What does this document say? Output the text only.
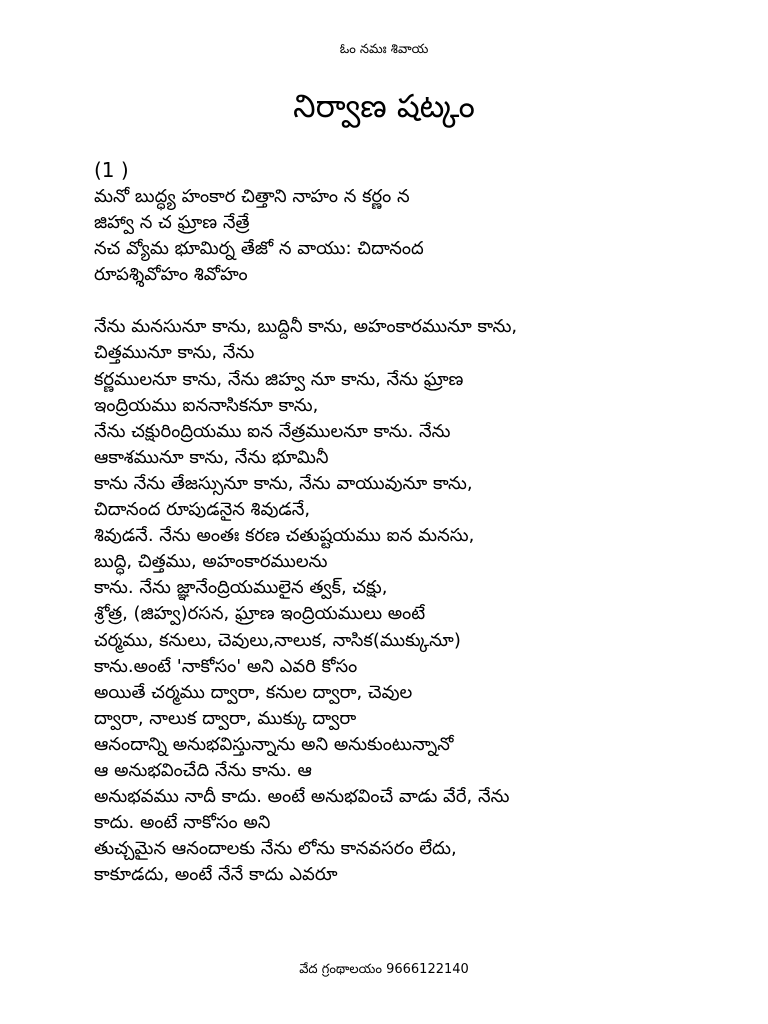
ఓం నమః శివాయ
నిర్వాణ షట్కం
(1 )
మనో బుద్ధ్య హంకార చిత్తాని నాహం న కర్ణం న
జిహ్వా న చ ఘ్రాణ నేత్రే
నచ వ్యోమ భూమిర్న తేజో న వాయు: చిదానంద
రూపశ్శివోహం శివోహం
నేను మనసునూ కాను, బుద్దినీ కాను, అహంకారమునూ కాను,
చిత్తమునూ కాను, నేను
కర్ణములనూ కాను, నేను జిహ్వ నూ కాను, నేను ఘ్రాణ
ఇంద్రియము ఐననాసికనూ కాను,
నేను చక్షురింద్రియము ఐన నేత్రములనూ కాను. నేను
ఆకాశమునూ కాను, నేను భూమినీ
కాను నేను తేజస్సునూ కాను, నేను వాయువునూ కాను,
చిదానంద రూపుడనైన శివుడనే,
శివుడనే. నేను అంతః కరణ చతుష్టయము ఐన మనసు,
బుద్ధి, చిత్తము, అహంకారములను
కాను. నేను జ్ఞానేంద్రియములైన త్వక్, చక్షు,
శ్రోత్ర, (జిహ్వ)రసన, ఘ్రాణ ఇంద్రియములు అంటే
చర్మము, కనులు, చెవులు,నాలుక, నాసిక(ముక్కునూ)
కాను.అంటే 'నాకోసం' అని ఎవరి కోసం
అయితే చర్మము ద్వారా, కనుల ద్వారా, చెవుల
ద్వారా, నాలుక ద్వారా, ముక్కు ద్వారా
ఆనందాన్ని అనుభవిస్తున్నాను అని అనుకుంటున్నానో
ఆ అనుభవించేది నేను కాను. ఆ
అనుభవము నాదీ కాదు. అంటే అనుభవించే వాడు వేరే, నేను
కాదు. అంటే నాకోసం అని
తుచ్చమైన ఆనందాలకు నేను లోను కానవసరం లేదు,
కాకూడదు, అంటే నేనే కాదు ఎవరూ
వేద గ్రంథాలయం 9666122140
